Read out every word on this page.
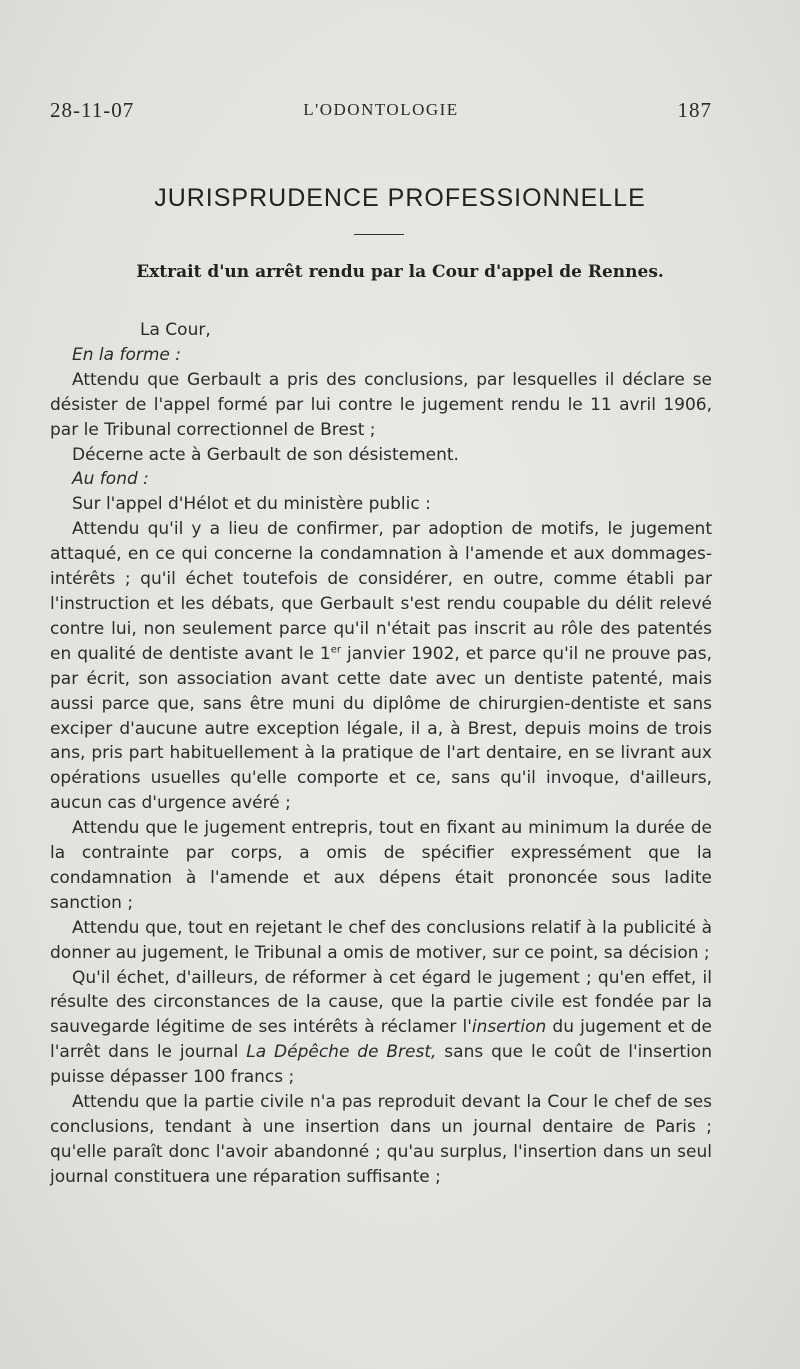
28-11-07	L'ODONTOLOGIE	187
JURISPRUDENCE PROFESSIONNELLE
Extrait d'un arrêt rendu par la Cour d'appel de Rennes.

La Cour,

En la forme :

Attendu que Gerbault a pris des conclusions, par lesquelles il déclare se désister de l'appel formé par lui contre le jugement rendu le 11 avril 1906, par le Tribunal correctionnel de Brest ;

Décerne acte à Gerbault de son désistement.

Au fond :

Sur l'appel d'Hélot et du ministère public :

Attendu qu'il y a lieu de confirmer, par adoption de motifs, le jugement attaqué, en ce qui concerne la condamnation à l'amende et aux dommages-intérêts ; qu'il échet toutefois de considérer, en outre, comme établi par l'instruction et les débats, que Gerbault s'est rendu coupable du délit relevé contre lui, non seulement parce qu'il n'était pas inscrit au rôle des patentés en qualité de dentiste avant le 1er janvier 1902, et parce qu'il ne prouve pas, par écrit, son association avant cette date avec un dentiste patenté, mais aussi parce que, sans être muni du diplôme de chirurgien-dentiste et sans exciper d'aucune autre exception légale, il a, à Brest, depuis moins de trois ans, pris part habituellement à la pratique de l'art dentaire, en se livrant aux opérations usuelles qu'elle comporte et ce, sans qu'il invoque, d'ailleurs, aucun cas d'urgence avéré ;

Attendu que le jugement entrepris, tout en fixant au minimum la durée de la contrainte par corps, a omis de spécifier expressément que la condamnation à l'amende et aux dépens était prononcée sous ladite sanction ;

Attendu que, tout en rejetant le chef des conclusions relatif à la publicité à donner au jugement, le Tribunal a omis de motiver, sur ce point, sa décision ;

Qu'il échet, d'ailleurs, de réformer à cet égard le jugement ; qu'en effet, il résulte des circonstances de la cause, que la partie civile est fondée par la sauvegarde légitime de ses intérêts à réclamer l'insertion du jugement et de l'arrêt dans le journal La Dépêche de Brest, sans que le coût de l'insertion puisse dépasser 100 francs ;

Attendu que la partie civile n'a pas reproduit devant la Cour le chef de ses conclusions, tendant à une insertion dans un journal dentaire de Paris ; qu'elle paraît donc l'avoir abandonné ; qu'au surplus, l'insertion dans un seul journal constituera une réparation suffisante ;
